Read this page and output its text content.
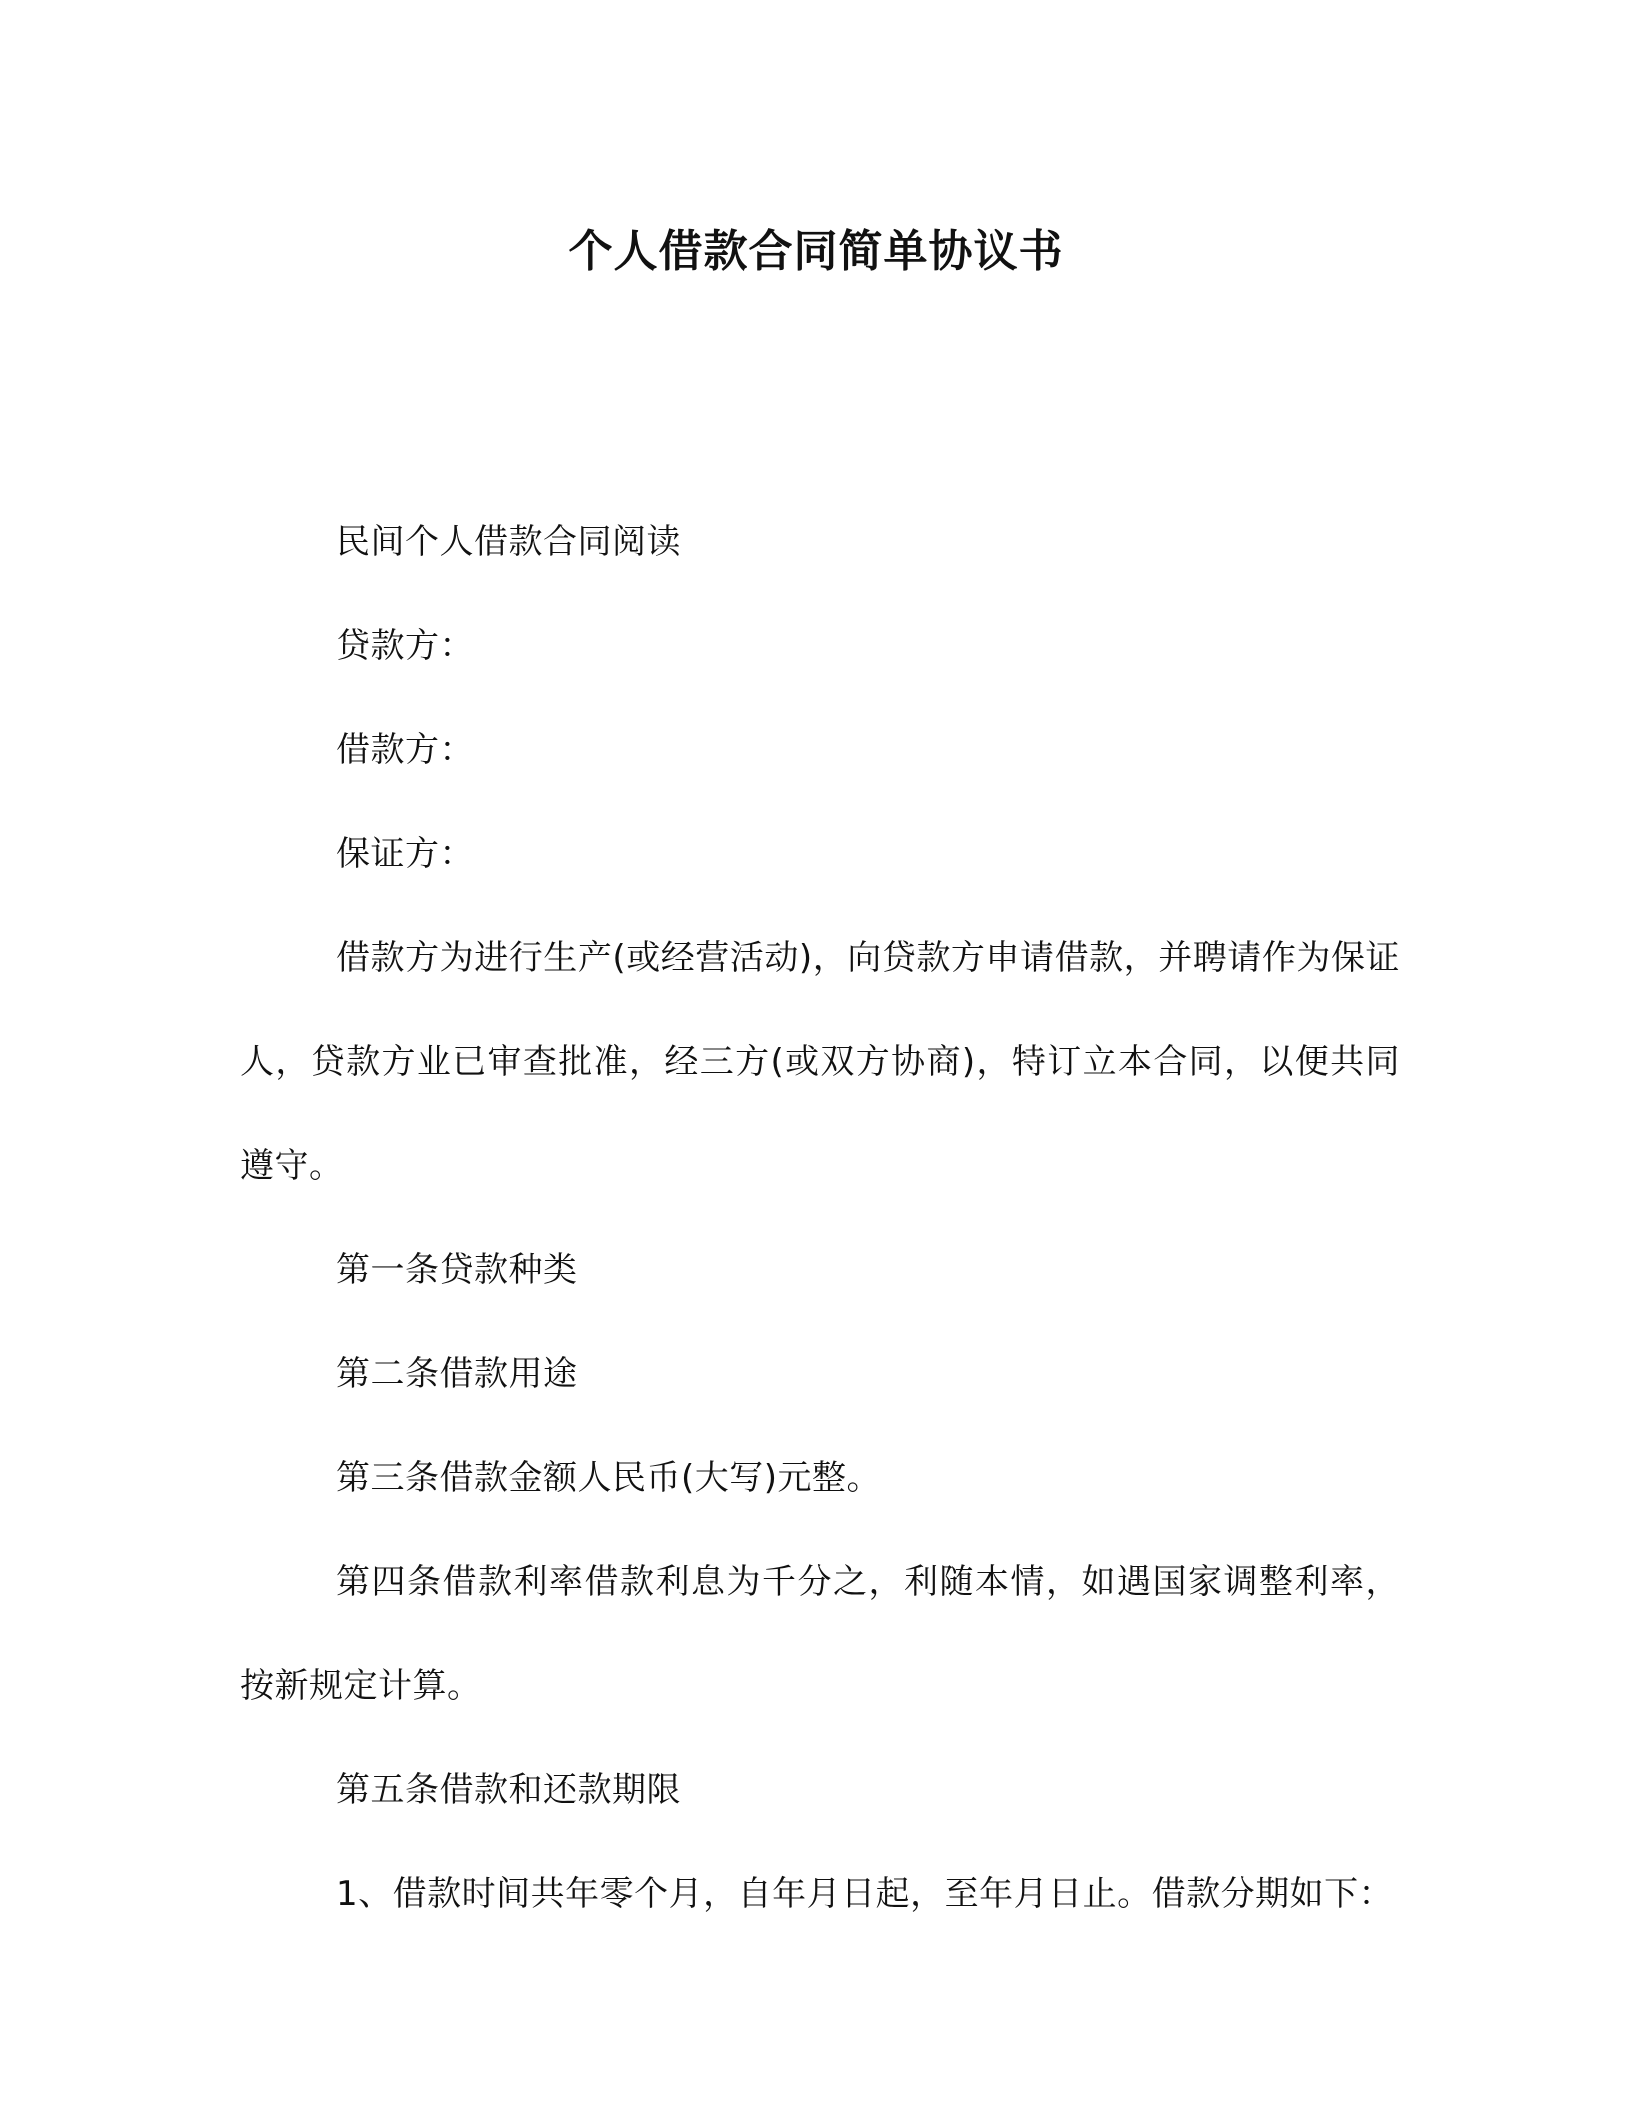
个人借款合同简单协议书

民间个人借款合同阅读

贷款方：

借款方：

保证方：

借款方为进行生产(或经营活动)，向贷款方申请借款，并聘请作为保证人，贷款方业已审查批准，经三方(或双方协商)，特订立本合同，以便共同遵守。

第一条贷款种类

第二条借款用途

第三条借款金额人民币(大写)元整。

第四条借款利率借款利息为千分之，利随本情，如遇国家调整利率，按新规定计算。

第五条借款和还款期限

1、借款时间共年零个月，自年月日起，至年月日止。借款分期如下：
